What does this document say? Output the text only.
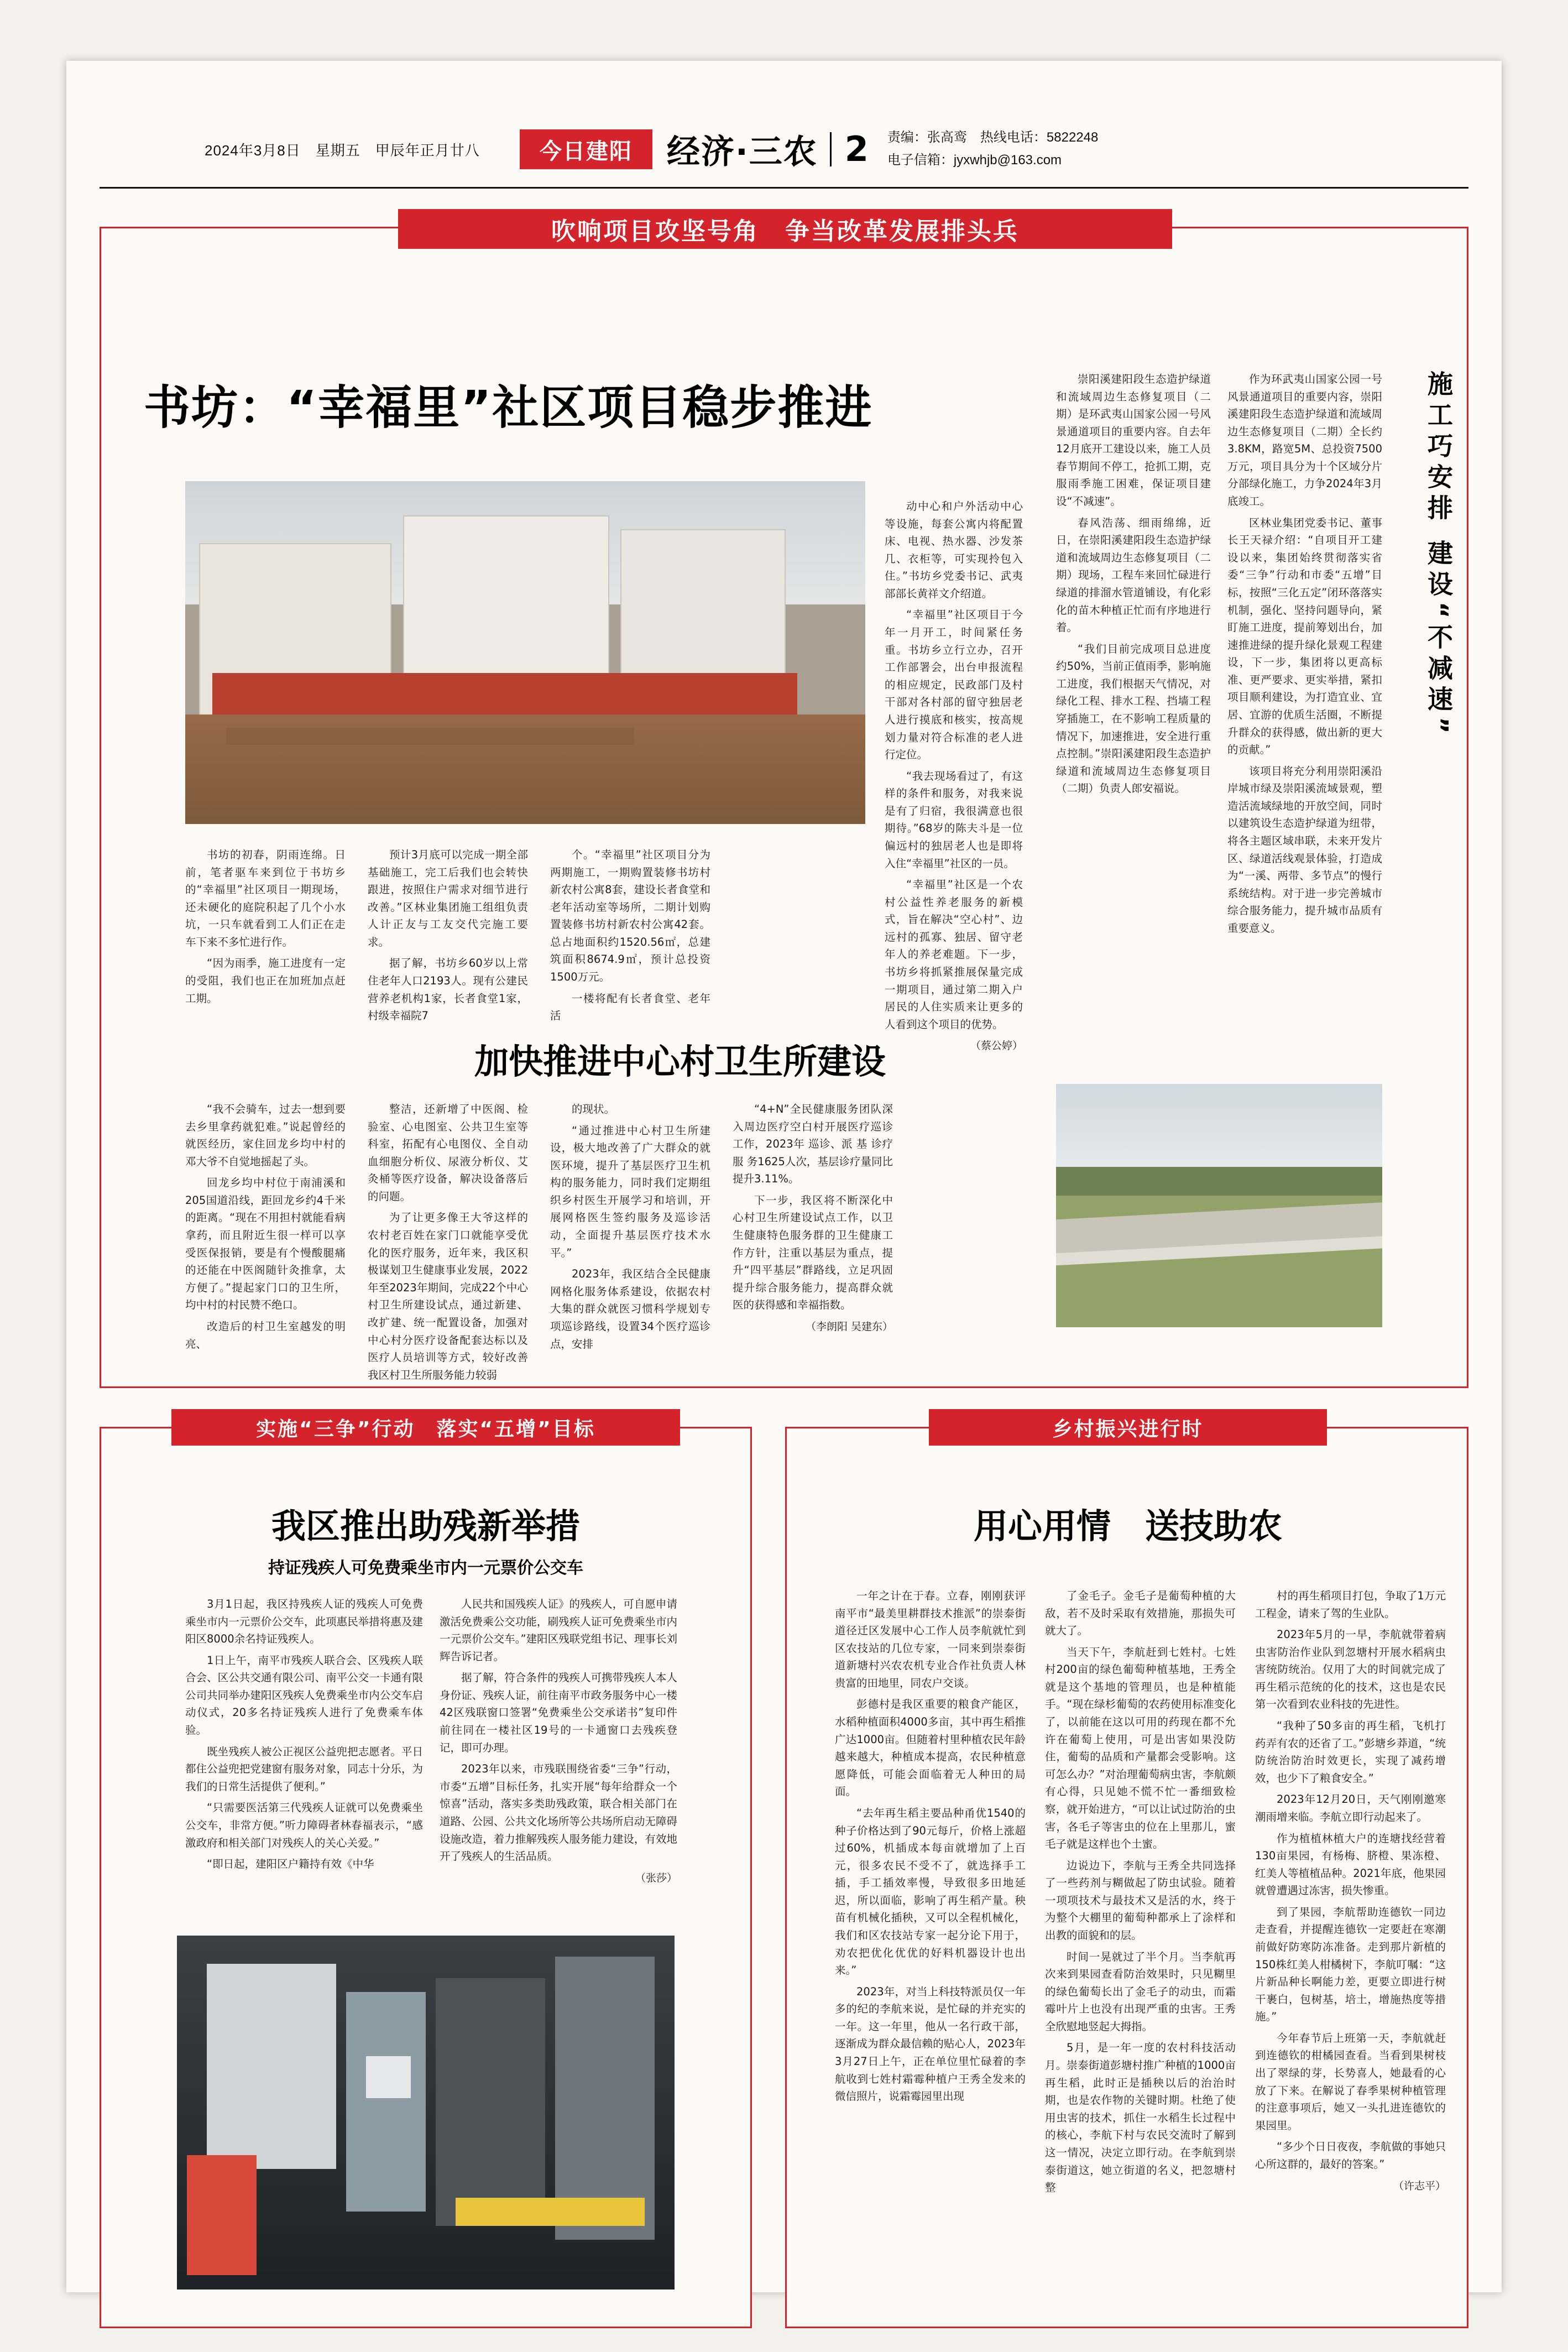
2024年3月8日　星期五　甲辰年正月廿八	今日建阳	经济·三农 2 责编：张高鸾　热线电话：5822248
电子信箱：jyxwhjb@163.com
吹响项目攻坚号角　争当改革发展排头兵
施工巧安排 建设“不减速”
书坊：“幸福里”社区项目稳步推进

书坊的初春，阴雨连绵。日前，笔者驱车来到位于书坊乡的“幸福里”社区项目一期现场，还未硬化的庭院积起了几个小水坑，一只车就看到工人们正在走车下来不多忙进行作。

“因为雨季，施工进度有一定的受阻，我们也正在加班加点赶工期。

预计3月底可以完成一期全部基础施工，完工后我们也会转快跟进，按照住户需求对细节进行改善。”区林业集团施工组组负责人计正友与工友交代完施工要求。

据了解，书坊乡60岁以上常住老年人口2193人。现有公建民营养老机构1家，长者食堂1家，村级幸福院7

个。“幸福里”社区项目分为两期施工，一期购置装修书坊村新农村公寓8套，建设长者食堂和老年活动室等场所，二期计划购置装修书坊村新农村公寓42套。总占地面积约1520.56㎡，总建筑面积8674.9㎡，预计总投资1500万元。

一楼将配有长者食堂、老年活

动中心和户外活动中心等设施，每套公寓内将配置床、电视、热水器、沙发茶几、衣柜等，可实现拎包入住。”书坊乡党委书记、武夷部部长黄祥文介绍道。

“幸福里”社区项目于今年一月开工，时间紧任务重。书坊乡立行立办，召开工作部署会，出台申报流程的相应规定，民政部门及村干部对各村部的留守独居老人进行摸底和核实，按高规划力量对符合标准的老人进行定位。

“我去现场看过了，有这样的条件和服务，对我来说是有了归宿，我很满意也很期待。”68岁的陈夫斗是一位偏远村的独居老人也是即将入住“幸福里”社区的一员。

“幸福里”社区是一个农村公益性养老服务的新模式，旨在解决“空心村”、边远村的孤寡、独居、留守老年人的养老难题。下一步，书坊乡将抓紧推展保量完成一期项目，通过第二期入户居民的人住实质来让更多的人看到这个项目的优势。

（蔡公婷）

崇阳溪建阳段生态造护绿道和流域周边生态修复项目（二期）是环武夷山国家公园一号风景通道项目的重要内容。自去年12月底开工建设以来，施工人员春节期间不停工，抢抓工期，克服雨季施工困难，保证项目建设“不减速”。

春风浩荡、细雨绵绵，近日，在崇阳溪建阳段生态造护绿道和流域周边生态修复项目（二期）现场，工程车来回忙碌进行绿道的排溜水管道铺设，有化彩化的苗木种植正忙而有序地进行着。

“我们目前完成项目总进度约50%，当前正值雨季，影响施工进度，我们根据天气情况，对绿化工程、排水工程、挡墙工程穿插施工，在不影响工程质量的情况下，加速推进，安全进行重点控制。”崇阳溪建阳段生态造护绿道和流域周边生态修复项目（二期）负责人郎安福说。

作为环武夷山国家公园一号风景通道项目的重要内容，崇阳溪建阳段生态造护绿道和流域周边生态修复项目（二期）全长约3.8KM，路宽5M、总投资7500万元，项目具分为十个区域分片分部绿化施工，力争2024年3月底竣工。

区林业集团党委书记、董事长王天禄介绍：“自项目开工建设以来，集团始终贯彻落实省委“三争”行动和市委“五增”目标，按照“三化五定”闭环落落实机制，强化、坚持问题导向，紧盯施工进度，提前筹划出台，加速推进绿的提升绿化景观工程建设，下一步，集团将以更高标准、更严要求、更实举措，紧扣项目顺利建设，为打造宜业、宜居、宜游的优质生活圈，不断提升群众的获得感，做出新的更大的贡献。”

该项目将充分利用崇阳溪沿岸城市绿及崇阳溪流域景观，塑造活流域绿地的开放空间，同时以建筑设生态造护绿道为纽带，将各主题区域串联，未来开发片区、绿道活线观景体验，打造成为“一溪、两带、多节点”的慢行系统结构。对于进一步完善城市综合服务能力，提升城市品质有重要意义。

加快推进中心村卫生所建设

“我不会骑车，过去一想到要去乡里拿药就犯难。”说起曾经的就医经历，家住回龙乡均中村的邓大爷不自觉地摇起了头。

回龙乡均中村位于南浦溪和205国道沿线，距回龙乡约4千米的距离。“现在不用担村就能看病拿药，而且附近生很一样可以享受医保报销，要是有个慢酸腿痛的还能在中医阁随针灸推拿，太方便了。”提起家门口的卫生所，均中村的村民赞不绝口。

改造后的村卫生室越发的明亮、

整洁，还新增了中医阁、检验室、心电图室、公共卫生室等科室，拓配有心电图仪、全自动血细胞分析仪、尿液分析仪、艾灸桶等医疗设备，解决设备落后的问题。

为了让更多像王大爷这样的农村老百姓在家门口就能享受优化的医疗服务，近年来，我区积极谋划卫生健康事业发展，2022年至2023年期间，完成22个中心村卫生所建设试点，通过新建、改扩建、统一配置设备，加强对中心村分医疗设备配套达标以及医疗人员培训等方式，较好改善我区村卫生所服务能力较弱

的现状。

“通过推进中心村卫生所建设，极大地改善了广大群众的就医环境，提升了基层医疗卫生机构的服务能力，同时我们定期组织乡村医生开展学习和培训，开展网格医生签约服务及巡诊活动，全面提升基层医疗技术水平。”

2023年，我区结合全民健康网格化服务体系建设，依据农村大集的群众就医习惯科学规划专项巡诊路线，设置34个医疗巡诊点，安排

“4+N”全民健康服务团队深入周边医疗空白村开展医疗巡诊工作，2023年 巡诊、派 基 诊疗 服 务1625人次，基层诊疗量同比提升3.11%。

下一步，我区将不断深化中心村卫生所建设试点工作，以卫生健康特色服务群的卫生健康工作方针，注重以基层为重点，提升“四平基层”群路线，立足巩固提升综合服务能力，提高群众就医的获得感和幸福指数。

（李朗阳 吴建东）
实施“三争”行动　落实“五增”目标
我区推出助残新举措
持证残疾人可免费乘坐市内一元票价公交车

3月1日起，我区持残疾人证的残疾人可免费乘坐市内一元票价公交车，此项惠民举措将惠及建阳区8000余名持证残疾人。

1日上午，南平市残疾人联合会、区残疾人联合会、区公共交通有限公司、南平公交一卡通有限公司共同举办建阳区残疾人免费乘坐市内公交车启动仪式，20多名持证残疾人进行了免费乘车体验。

既坐残疾人被公正视区公益兜把志愿者。平日都住公益兜把党建窗有服务对象，同志十分乐，为我们的日常生活提供了便利。”

“只需要医活第三代残疾人证就可以免费乘坐公交车，非常方便。”听力障碍者林春福表示，“感激政府和相关部门对残疾人的关心关爱。”

“即日起，建阳区户籍持有效《中华

人民共和国残疾人证》的残疾人，可自愿申请激活免费乘公交功能，刷残疾人证可免费乘坐市内一元票价公交车。”建阳区残联党组书记、理事长刘辉告诉记者。

据了解，符合条件的残疾人可携带残疾人本人身份证、残疾人证，前往南平市政务服务中心一楼42区残联窗口签署“免费乘坐公交承诺书”复印件前往同在一楼社区19号的一卡通窗口去残疾登记，即可办理。

2023年以来，市残联围绕省委“三争”行动，市委“五增”目标任务，扎实开展“每年给群众一个惊喜”活动，落实多类助残政策，联合相关部门在道路、公园、公共文化场所等公共场所启动无障碍设施改造，着力推解残疾人服务能力建设，有效地开了残疾人的生活品质。

（张莎）
乡村振兴进行时
用心用情　送技助农

一年之计在于春。立春，刚刚获评南平市“最美里耕群技术推派”的崇泰街道径迁区发展中心工作人员李航就忙到区农技站的几位专家，一同来到崇泰街道新塘村兴农农机专业合作社负责人林贵富的田地里，同农户交谈。

彭德村是我区重要的粮食产能区，水稻种植面积4000多亩，其中再生稻推广达1000亩。但随着村里种植农民年龄越来越大，种植成本提高，农民种植意愿降低，可能会面临着无人种田的局面。

“去年再生稻主要品种甬优1540的种子价格达到了90元每斤，价格上涨超过60%，机插成本每亩就增加了上百元，很多农民不受不了，就选择手工插，手工插效率慢，导致很多田地延迟，所以面临，影响了再生稻产量。秧苗有机械化插秧，又可以全程机械化，我们和区农技站专家一起分论下用于，劝农把优化优优的好料机器设计也出来。”

2023年，对当上科技特派员仅一年多的纪的李航来说，是忙碌的并充实的一年。这一年里，他从一名行政干部，逐渐成为群众最信赖的贴心人，2023年3月27日上午，正在单位里忙碌着的李航收到七姓村霜霉种植户王秀全发来的微信照片，说霜霉园里出现

了金毛子。金毛子是葡萄种植的大敌，若不及时采取有效措施，那损失可就大了。

当天下午，李航赶到七姓村。七姓村200亩的绿色葡萄种植基地，王秀全就是这个基地的管理员，也是种植能手。“现在绿杉葡萄的农药使用标准变化了，以前能在这以可用的药现在都不允许在葡萄上使用，可是出害如果没防住，葡萄的品质和产量都会受影响。这可怎么办？”对治理葡萄病虫害，李航颇有心得，只见她不慌不忙一番细致检察，就开始进方，“可以让试过防治的虫害，各毛子等害虫的位在上里那儿，蜜毛子就是这样也个土蜜。

边说边下，李航与王秀全共同选择了一些药剂与糊做起了防虫试验。随着一项项技术与最技术又是活的水，终于为整个大棚里的葡萄种都承上了涂样和出教的面貌和的层。

时间一晃就过了半个月。当李航再次来到果园查看防治效果时，只见糊里的绿色葡萄长出了金毛子的动虫，而霜霉叶片上也没有出现严重的虫害。王秀全欣慰地竖起大拇指。

5月，是一年一度的农村科技活动月。崇泰街道彭塘村推广种植的1000亩再生稻，此时正是插秧以后的治治时期，也是农作物的关键时期。杜绝了使用虫害的技术，抓住一水稻生长过程中的核心，李航下村与农民交流时了解到这一情况，决定立即行动。在李航到崇泰街道这，她立街道的名义，把忽塘村整

村的再生稻项目打包，争取了1万元工程金，请来了驾的生业队。

2023年5月的一早，李航就带着病虫害防治作业队到忽塘村开展水稻病虫害统防统治。仅用了大的时间就完成了再生稻示范统的化的技术，这也是农民第一次看到农业科技的先进性。

“我种了50多亩的再生稻，飞机打药弄有农的还省了工。”彭塘乡莽道，“统防统治防治时效更长，实现了减药增效，也少下了粮食安全。”

2023年12月20日，天气刚刚邀寒潮雨增来临。李航立即行动起来了。

作为植植林植大户的连塘找经营着130亩果园，有杨梅、脐橙、果冻橙、红美人等植植品种。2021年底，他果园就曾遭遇过冻害，损失惨重。

到了果园，李航帮助连德钦一同边走查看，并提醒连德钦一定要赶在寒潮前做好防寒防冻准备。走到那片新植的150株红美人柑橘树下，李航叮嘱：“这片新品种长啊能力差，更要立即进行树干裹白，包树基，培土，增施热度等措施。”

今年春节后上班第一天，李航就赶到连德钦的柑橘园查看。当看到果树枝出了翠绿的芽，长势喜人，她最看的心放了下来。在解说了春季果树种植管理的注意事项后，她又一头扎进连德钦的果园里。

“多少个日日夜夜，李航做的事她只心所这群的，最好的答案。”

（许志平）
